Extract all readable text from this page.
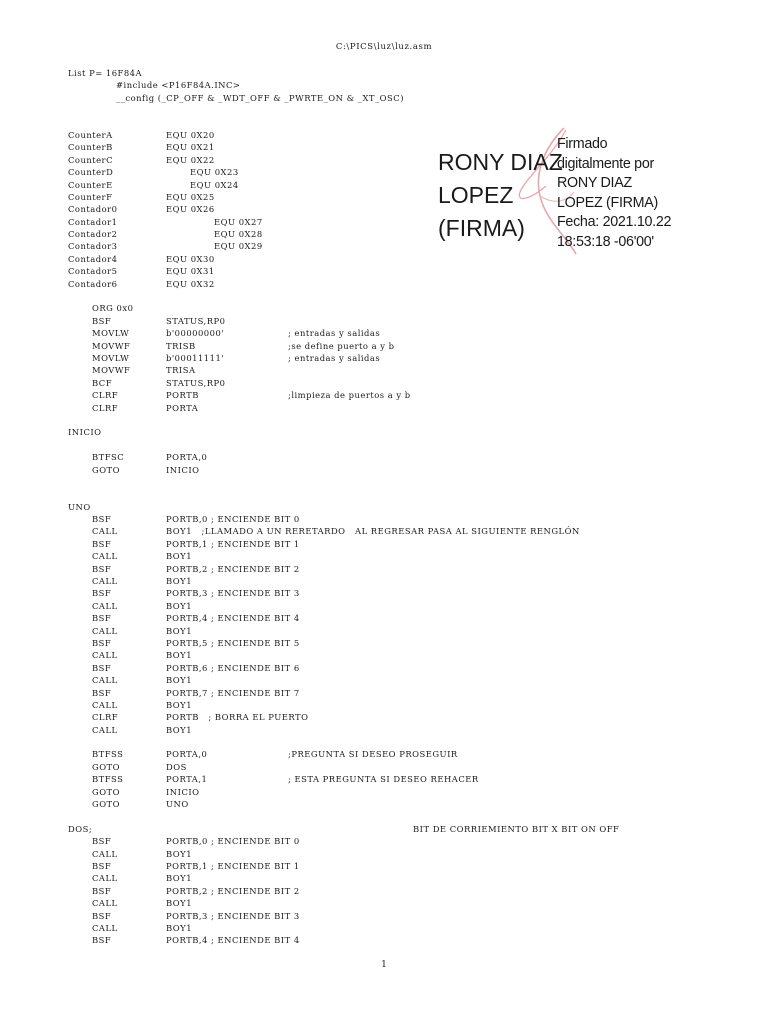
C:\PICS\luz\luz.asm
List P= 16F84A
#include <P16F84A.INC>
__config (_CP_OFF & _WDT_OFF & _PWRTE_ON & _XT_OSC)
CounterA	EQU 0X20
CounterB	EQU 0X21
CounterC	EQU 0X22
CounterD	EQU 0X23
CounterE	EQU 0X24
CounterF	EQU 0X25
Contador0	EQU 0X26
Contador1	EQU 0X27
Contador2	EQU 0X28
Contador3	EQU 0X29
Contador4	EQU 0X30
Contador5	EQU 0X31
Contador6	EQU 0X32
ORG 0x0
BSF	STATUS,RP0
MOVLW	b'00000000'	; entradas y salidas
MOVWF	TRISB	;se define puerto a y b
MOVLW	b'00011111'	; entradas y salidas
MOVWF	TRISA
BCF	STATUS,RP0
CLRF	PORTB	;limpieza de puertos a y b
CLRF	PORTA
INICIO
BTFSC	PORTA,0
GOTO	INICIO
UNO
BSF	PORTB,0 ; ENCIENDE BIT 0
CALL	BOY1   ;LLAMADO A UN RERETARDO   AL REGRESAR PASA AL SIGUIENTE RENGLÓN
BSF	PORTB,1 ; ENCIENDE BIT 1
CALL	BOY1
BSF	PORTB,2 ; ENCIENDE BIT 2
CALL	BOY1
BSF	PORTB,3 ; ENCIENDE BIT 3
CALL	BOY1
BSF	PORTB,4 ; ENCIENDE BIT 4
CALL	BOY1
BSF	PORTB,5 ; ENCIENDE BIT 5
CALL	BOY1
BSF	PORTB,6 ; ENCIENDE BIT 6
CALL	BOY1
BSF	PORTB,7 ; ENCIENDE BIT 7
CALL	BOY1
CLRF	PORTB   ; BORRA EL PUERTO
CALL	BOY1
BTFSS	PORTA,0	;PREGUNTA SI DESEO PROSEGUIR
GOTO	DOS
BTFSS	PORTA,1	; ESTA PREGUNTA SI DESEO REHACER
GOTO	INICIO
GOTO	UNO
DOS;	BIT DE CORRIEMIENTO BIT X BIT ON OFF
BSF	PORTB,0 ; ENCIENDE BIT 0
CALL	BOY1
BSF	PORTB,1 ; ENCIENDE BIT 1
CALL	BOY1
BSF	PORTB,2 ; ENCIENDE BIT 2
CALL	BOY1
BSF	PORTB,3 ; ENCIENDE BIT 3
CALL	BOY1
BSF	PORTB,4 ; ENCIENDE BIT 4
RONY DIAZ
LOPEZ
(FIRMA)
Firmado
digitalmente por
RONY DIAZ
LOPEZ (FIRMA)
Fecha: 2021.10.22
18:53:18 -06'00'
1
